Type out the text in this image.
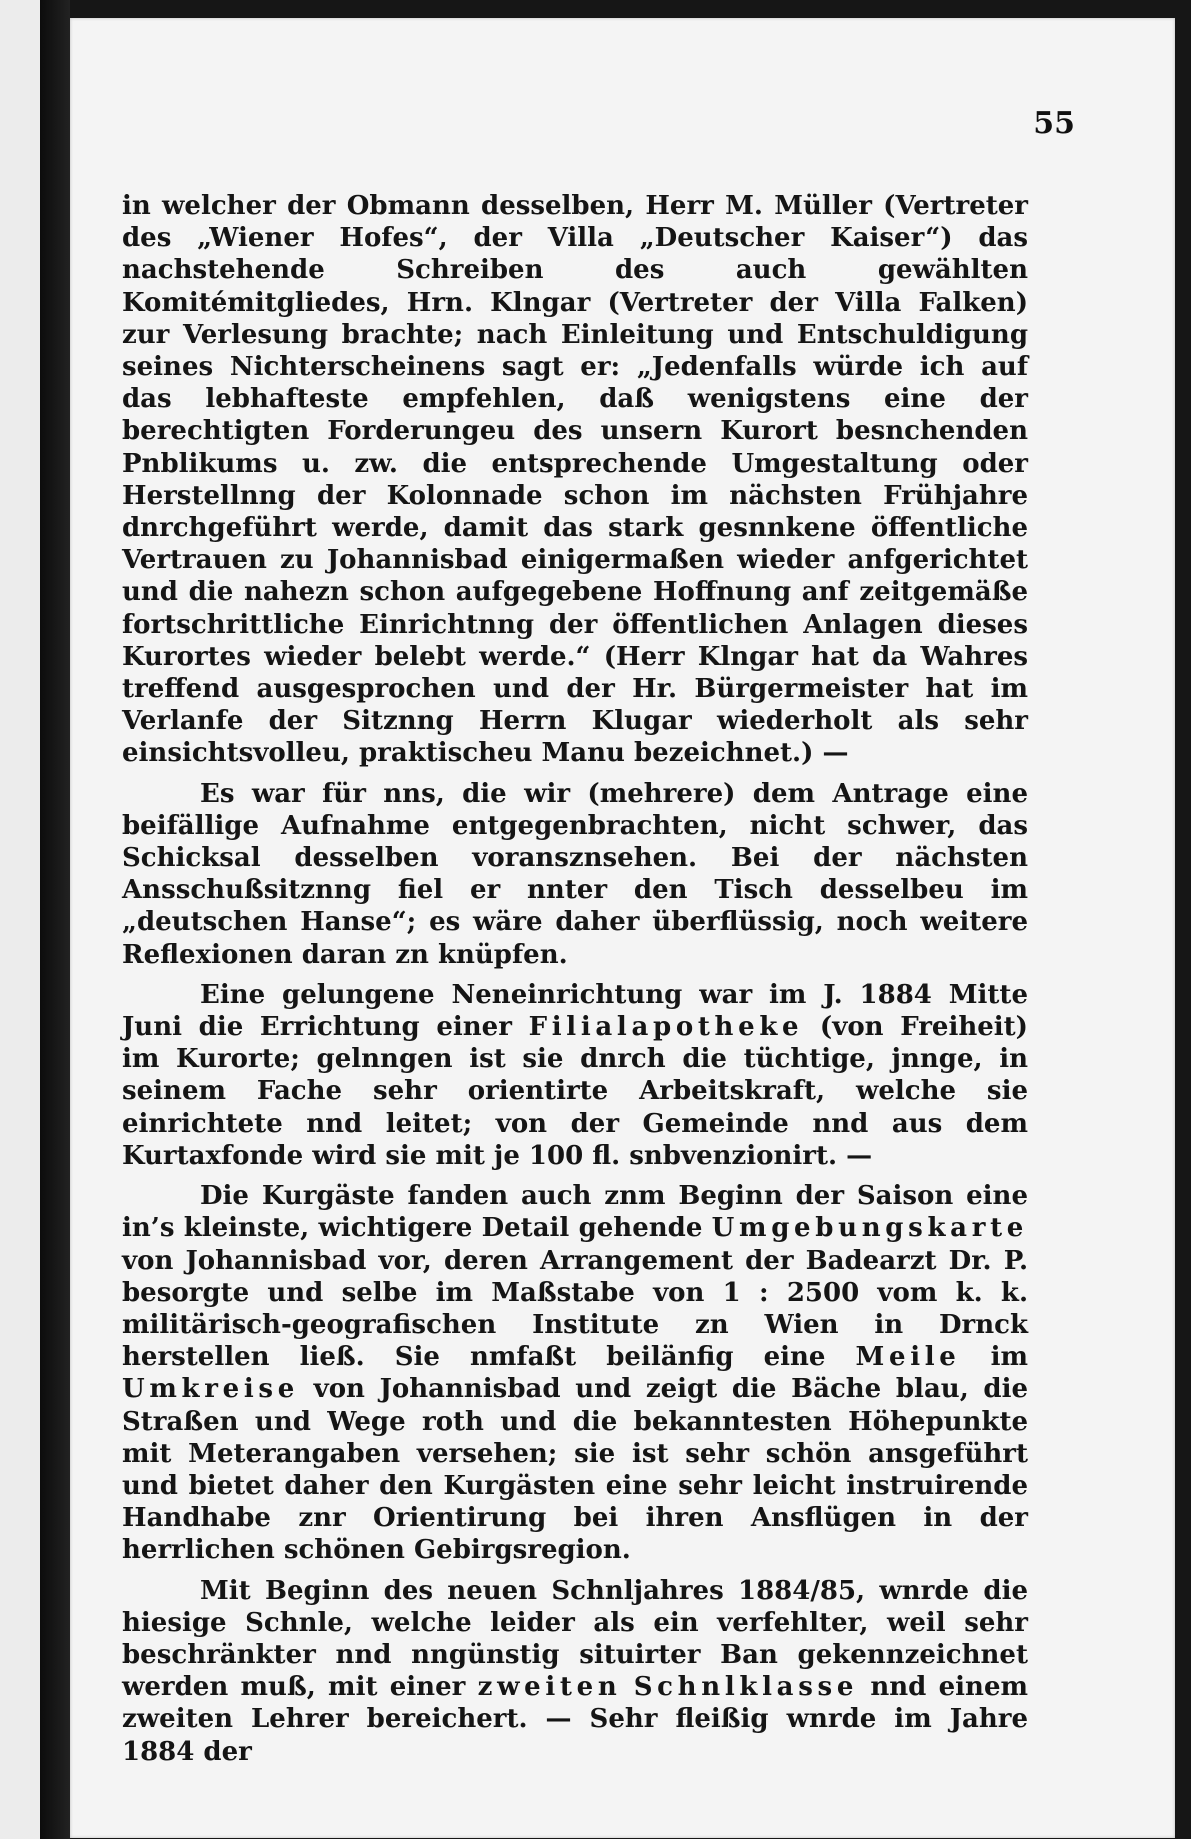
55

in welcher der Obmann desselben, Herr M. Müller (Vertreter des „Wiener Hofes“, der Villa „Deutscher Kaiser“) das nachstehende Schreiben des auch gewählten Komitémitgliedes, Hrn. Klngar (Vertreter der Villa Falken) zur Verlesung brachte; nach Einleitung und Entschuldigung seines Nichterscheinens sagt er: „Jedenfalls würde ich auf das lebhafteste empfehlen, daß wenigstens eine der berechtigten Forderungeu des unsern Kurort besnchenden Pnblikums u. zw. die entsprechende Umgestaltung oder Herstellnng der Kolonnade schon im nächsten Frühjahre dnrchgeführt werde, damit das stark gesnnkene öffentliche Vertrauen zu Johannisbad einigermaßen wieder anfgerichtet und die nahezn schon aufgegebene Hoffnung anf zeitgemäße fortschrittliche Einrichtnng der öffentlichen Anlagen dieses Kurortes wieder belebt werde.“ (Herr Klngar hat da Wahres treffend ausgesprochen und der Hr. Bürgermeister hat im Verlanfe der Sitznng Herrn Klugar wiederholt als sehr einsichtsvolleu, praktischeu Manu bezeichnet.) —

Es war für nns, die wir (mehrere) dem Antrage eine beifällige Aufnahme entgegenbrachten, nicht schwer, das Schicksal desselben voransznsehen. Bei der nächsten Ansschußsitznng fiel er nnter den Tisch desselbeu im „deutschen Hanse“; es wäre daher überflüssig, noch weitere Reflexionen daran zn knüpfen.

Eine gelungene Neneinrichtung war im J. 1884 Mitte Juni die Errichtung einer Filialapotheke (von Freiheit) im Kurorte; gelnngen ist sie dnrch die tüchtige, jnnge, in seinem Fache sehr orientirte Arbeitskraft, welche sie einrichtete nnd leitet; von der Gemeinde nnd aus dem Kurtaxfonde wird sie mit je 100 fl. snbvenzionirt. —

Die Kurgäste fanden auch znm Beginn der Saison eine in’s kleinste, wichtigere Detail gehende Umgebungskarte von Johannisbad vor, deren Arrangement der Badearzt Dr. P. besorgte und selbe im Maßstabe von 1 : 2500 vom k. k. militärisch-geografischen Institute zn Wien in Drnck herstellen ließ. Sie nmfaßt beilänfig eine Meile im Umkreise von Johannisbad und zeigt die Bäche blau, die Straßen und Wege roth und die bekanntesten Höhepunkte mit Meterangaben versehen; sie ist sehr schön ansgeführt und bietet daher den Kurgästen eine sehr leicht instruirende Handhabe znr Orientirung bei ihren Ansflügen in der herrlichen schönen Gebirgsregion.

Mit Beginn des neuen Schnljahres 1884/85, wnrde die hiesige Schnle, welche leider als ein verfehlter, weil sehr beschränkter nnd nngünstig situirter Ban gekennzeichnet werden muß, mit einer zweiten Schnlklasse nnd einem zweiten Lehrer bereichert. — Sehr fleißig wnrde im Jahre 1884 der
